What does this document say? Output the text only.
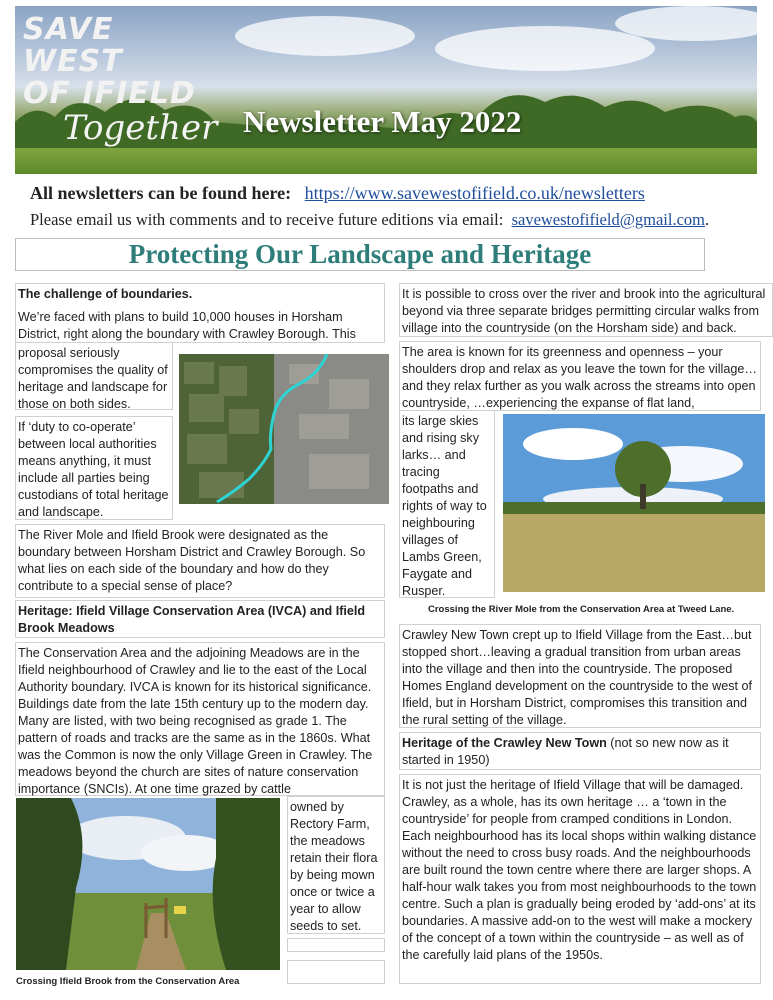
SAVE WEST
OF IFIELD
Together Newsletter May 2022
All newsletters can be found here: https://www.savewestofifield.co.uk/newsletters
Please email us with comments and to receive future editions via email: savewestofifield@gmail.com.
Protecting Our Landscape and Heritage

The challenge of boundaries.

We’re faced with plans to build 10,000 houses in Horsham District, right along the boundary with Crawley Borough. This

proposal seriously compromises the quality of heritage and landscape for those on both sides.

If ‘duty to co-operate’ between local authorities means anything, it must include all parties being custodians of total heritage and landscape.

The River Mole and Ifield Brook were designated as the boundary between Horsham District and Crawley Borough. So what lies on each side of the boundary and how do they contribute to a special sense of place?

Heritage: Ifield Village Conservation Area (IVCA) and Ifield Brook Meadows

The Conservation Area and the adjoining Meadows are in the Ifield neighbourhood of Crawley and lie to the east of the Local Authority boundary. IVCA is known for its historical significance. Buildings date from the late 15th century up to the modern day. Many are listed, with two being recognised as grade 1. The pattern of roads and tracks are the same as in the 1860s. What was the Common is now the only Village Green in Crawley. The meadows beyond the church are sites of nature conservation importance (SNCIs). At one time grazed by cattle

owned by Rectory Farm, the meadows retain their flora by being mown once or twice a year to allow seeds to set.

Crossing Ifield Brook from the Conservation Area

It is possible to cross over the river and brook into the agricultural beyond via three separate bridges permitting circular walks from village into the countryside (on the Horsham side) and back.

The area is known for its greenness and openness – your shoulders drop and relax as you leave the town for the village…and they relax further as you walk across the streams into open countryside, …experiencing the expanse of flat land,

its large skies and rising sky larks… and tracing footpaths and rights of way to neighbouring villages of Lambs Green, Faygate and Rusper.

Crossing the River Mole from the Conservation Area at Tweed Lane.

Crawley New Town crept up to Ifield Village from the East…but stopped short…leaving a gradual transition from urban areas into the village and then into the countryside. The proposed Homes England development on the countryside to the west of Ifield, but in Horsham District, compromises this transition and the rural setting of the village.

Heritage of the Crawley New Town (not so new now as it started in 1950)

It is not just the heritage of Ifield Village that will be damaged. Crawley, as a whole, has its own heritage … a ‘town in the countryside’ for people from cramped conditions in London. Each neighbourhood has its local shops within walking distance without the need to cross busy roads. And the neighbourhoods are built round the town centre where there are larger shops. A half-hour walk takes you from most neighbourhoods to the town centre. Such a plan is gradually being eroded by ‘add-ons’ at its boundaries. A massive add-on to the west will make a mockery of the concept of a town within the countryside – as well as of the carefully laid plans of the 1950s.
